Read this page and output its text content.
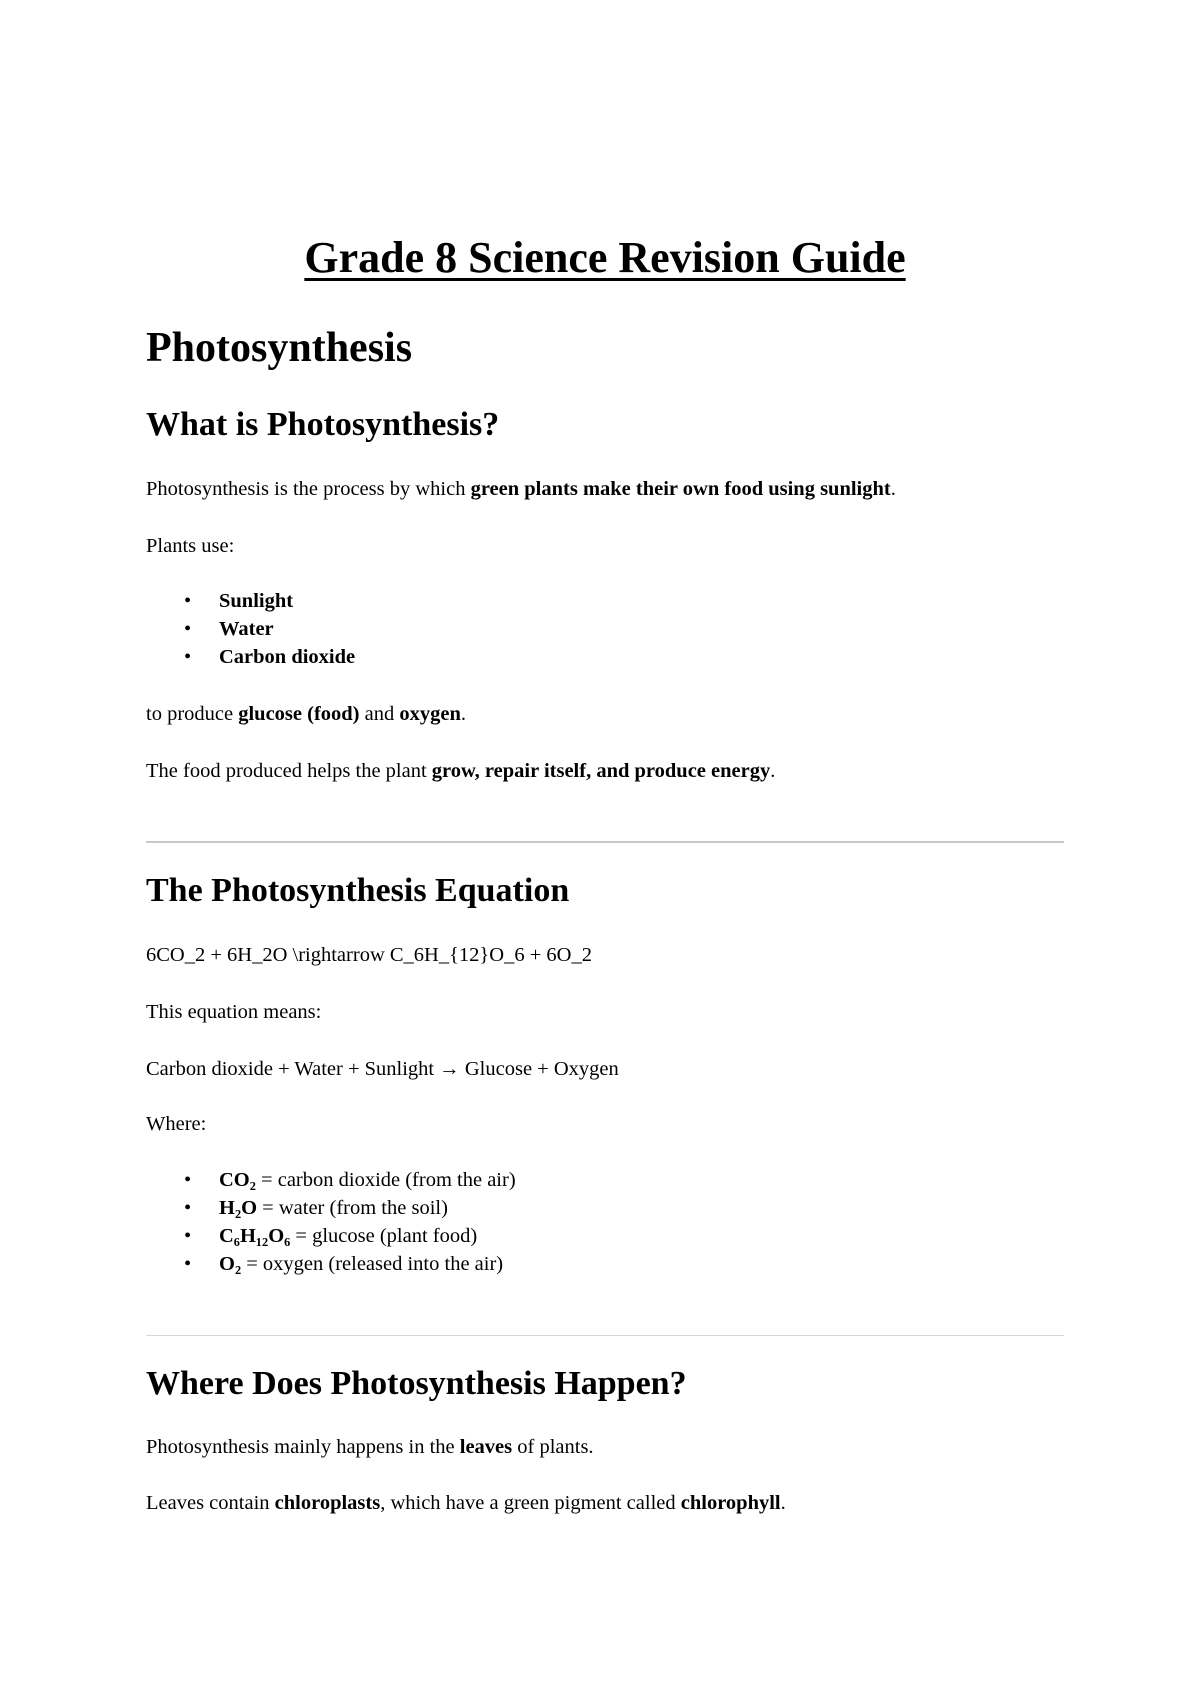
Grade 8 Science Revision Guide
Photosynthesis
What is Photosynthesis?

Photosynthesis is the process by which green plants make their own food using sunlight.

Plants use:

• Sunlight
• Water
• Carbon dioxide

to produce glucose (food) and oxygen.

The food produced helps the plant grow, repair itself, and produce energy.

The Photosynthesis Equation

6CO_2 + 6H_2O \rightarrow C_6H_{12}O_6 + 6O_2

This equation means:

Carbon dioxide + Water + Sunlight → Glucose + Oxygen

Where:

• CO₂ = carbon dioxide (from the air)
• H₂O = water (from the soil)
• C₆H₁₂O₆ = glucose (plant food)
• O₂ = oxygen (released into the air)
Where Does Photosynthesis Happen?

Photosynthesis mainly happens in the leaves of plants.

Leaves contain chloroplasts, which have a green pigment called chlorophyll.
